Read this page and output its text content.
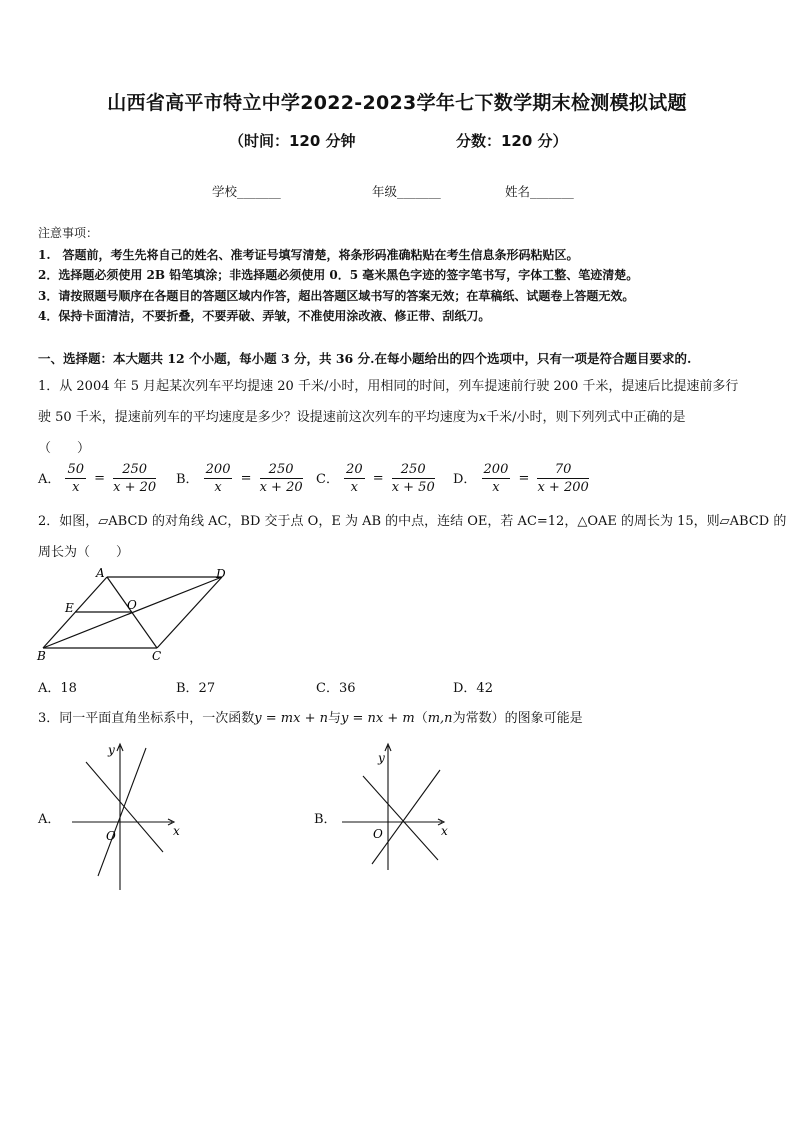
山西省高平市特立中学2022-2023学年七下数学期末检测模拟试题
（时间：120 分钟	分数：120 分）
学校_______	年级_______	姓名_______
注意事项：
1.　答题前，考生先将自己的姓名、准考证号填写清楚，将条形码准确粘贴在考生信息条形码粘贴区。
2．选择题必须使用 2B 铅笔填涂；非选择题必须使用 0．5 毫米黑色字迹的签字笔书写，字体工整、笔迹清楚。
3．请按照题号顺序在各题目的答题区域内作答，超出答题区域书写的答案无效；在草稿纸、试题卷上答题无效。
4．保持卡面清洁，不要折叠，不要弄破、弄皱，不准使用涂改液、修正带、刮纸刀。
一、选择题：本大题共 12 个小题，每小题 3 分，共 36 分.在每小题给出的四个选项中，只有一项是符合题目要求的.
1．从 2004 年 5 月起某次列车平均提速 20 千米/小时，用相同的时间，列车提速前行驶 200 千米，提速后比提速前多行
驶 50 千米，提速前列车的平均速度是多少？设提速前这次列车的平均速度为x千米/小时，则下列列式中正确的是
（　　）
A． $\frac{50}{x} = \frac{250}{x + 20}$ B． $\frac{200}{x} = \frac{250}{x + 20}$ C． $\frac{20}{x} = \frac{250}{x + 50}$ D． $\frac{200}{x} = \frac{70}{x + 200}$
2．如图，▱ABCD 的对角线 AC，BD 交于点 O，E 为 AB 的中点，连结 OE，若 AC=12，△OAE 的周长为 15，则▱ABCD 的
周长为（　　）
A	D
E	O
B	C
A．18	B．27	C．36	D．42
3．同一平面直角坐标系中，一次函数y = mx + n与y = nx + m（m,n为常数）的图象可能是
A．
y
x
O
B．
y
x
O
